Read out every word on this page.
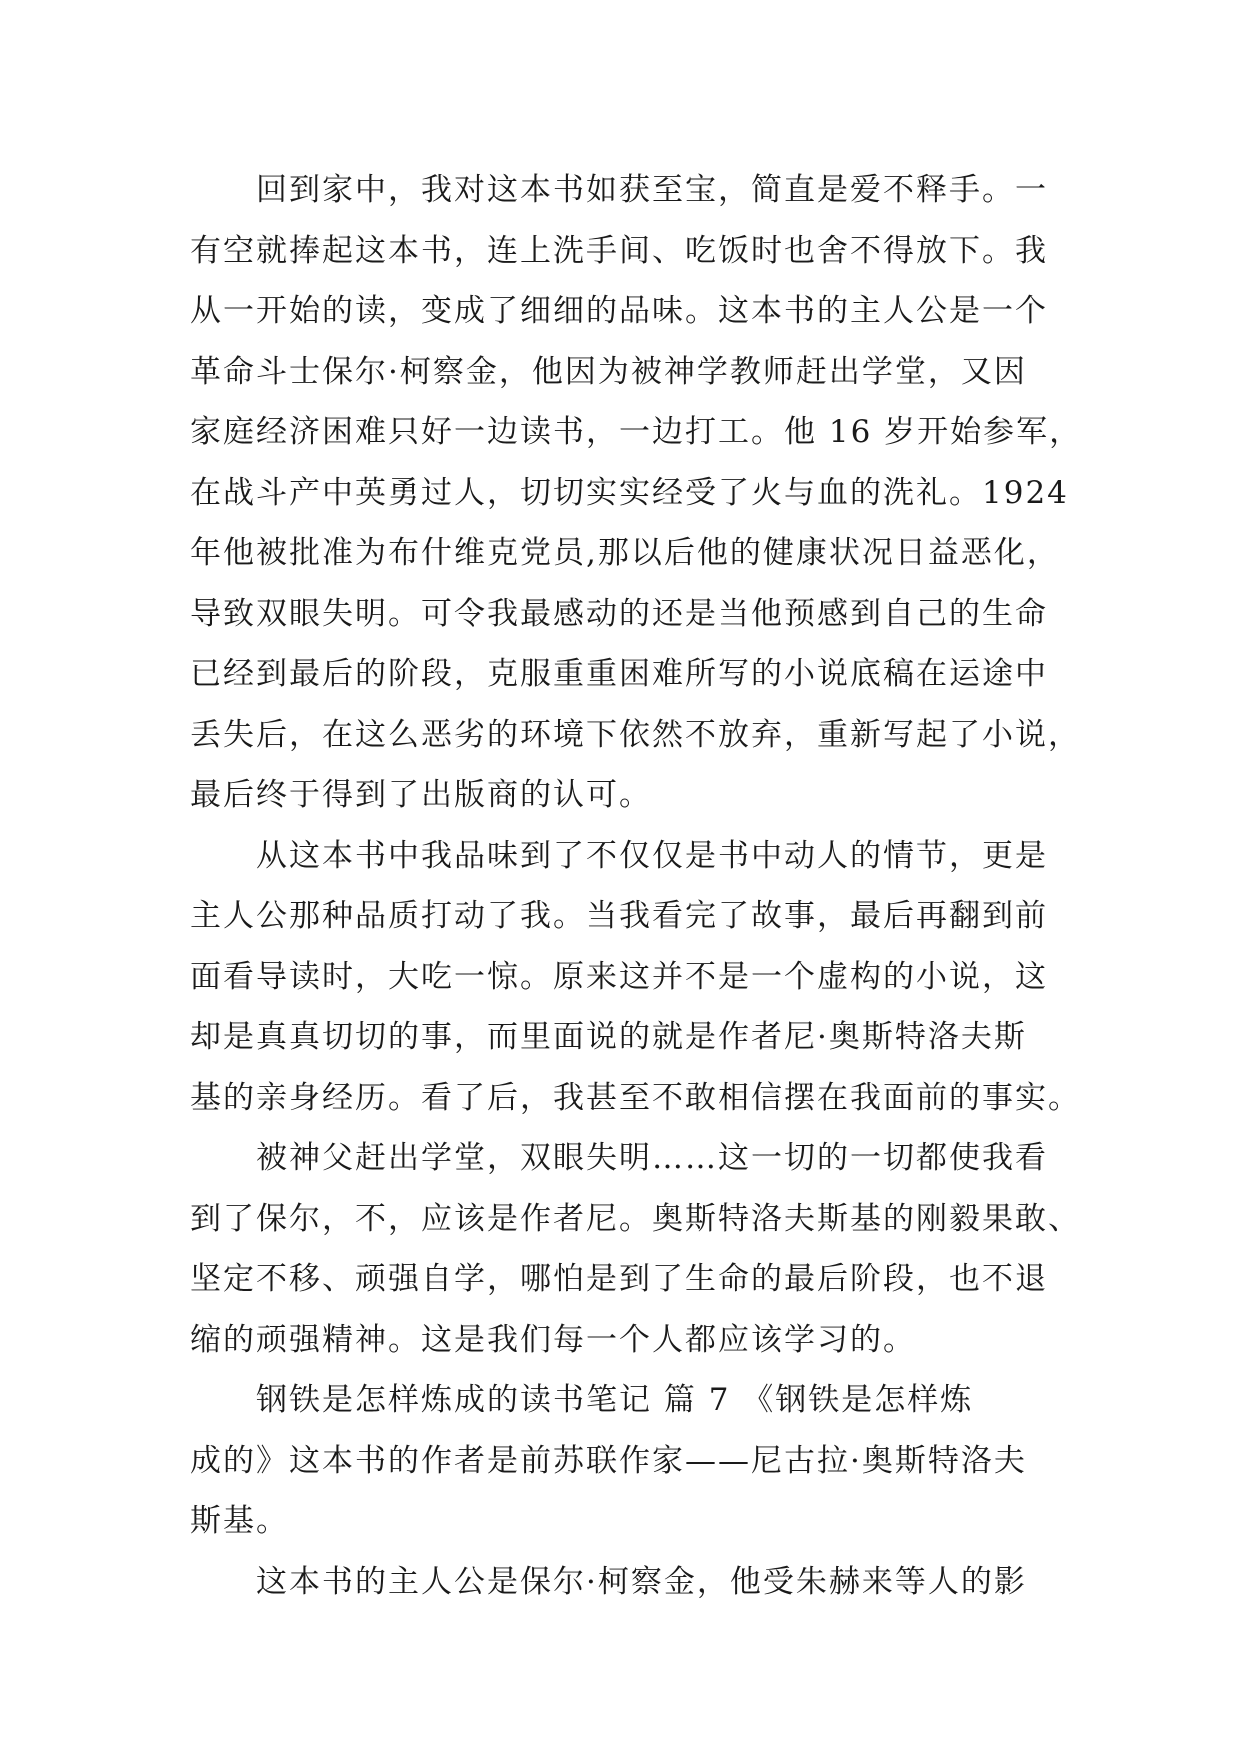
回到家中，我对这本书如获至宝，简直是爱不释手。一
有空就捧起这本书，连上洗手间、吃饭时也舍不得放下。我
从一开始的读，变成了细细的品味。这本书的主人公是一个
革命斗士保尔·柯察金，他因为被神学教师赶出学堂，又因
家庭经济困难只好一边读书，一边打工。他 16 岁开始参军，
在战斗产中英勇过人，切切实实经受了火与血的洗礼。1924
年他被批准为布什维克党员,那以后他的健康状况日益恶化，
导致双眼失明。可令我最感动的还是当他预感到自己的生命
已经到最后的阶段，克服重重困难所写的小说底稿在运途中
丢失后，在这么恶劣的环境下依然不放弃，重新写起了小说，
最后终于得到了出版商的认可。
从这本书中我品味到了不仅仅是书中动人的情节，更是
主人公那种品质打动了我。当我看完了故事，最后再翻到前
面看导读时，大吃一惊。原来这并不是一个虚构的小说，这
却是真真切切的事，而里面说的就是作者尼·奥斯特洛夫斯
基的亲身经历。看了后，我甚至不敢相信摆在我面前的事实。
被神父赶出学堂，双眼失明……这一切的一切都使我看
到了保尔，不，应该是作者尼。奥斯特洛夫斯基的刚毅果敢、
坚定不移、顽强自学，哪怕是到了生命的最后阶段，也不退
缩的顽强精神。这是我们每一个人都应该学习的。
钢铁是怎样炼成的读书笔记 篇 7 《钢铁是怎样炼
成的》这本书的作者是前苏联作家——尼古拉·奥斯特洛夫
斯基。
这本书的主人公是保尔·柯察金，他受朱赫来等人的影
